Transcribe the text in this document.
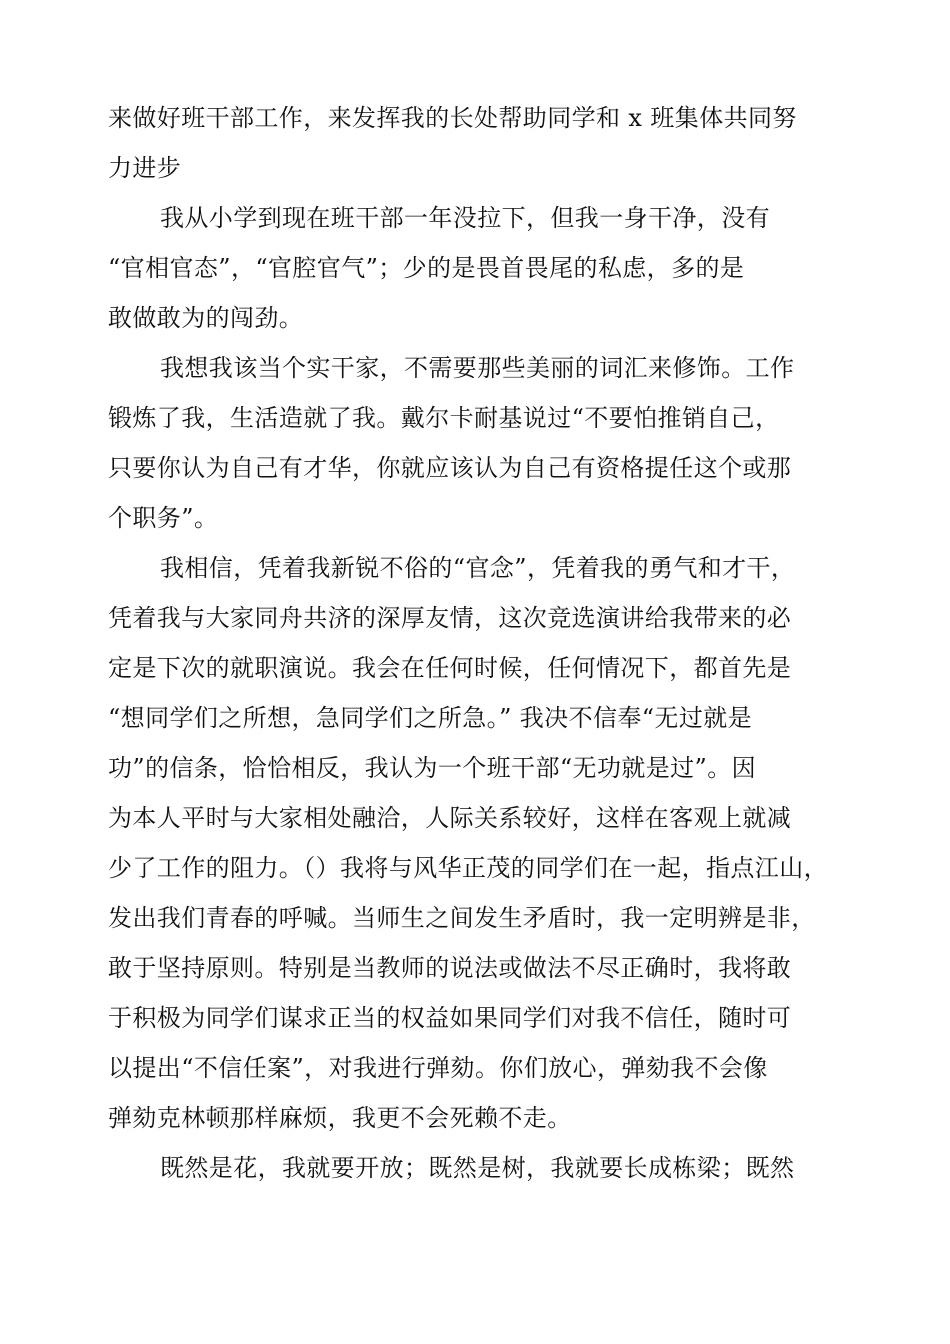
来做好班干部工作，来发挥我的长处帮助同学和 x 班集体共同努
力进步
我从小学到现在班干部一年没拉下，但我一身干净，没有
“官相官态”，“官腔官气”；少的是畏首畏尾的私虑，多的是
敢做敢为的闯劲。
我想我该当个实干家，不需要那些美丽的词汇来修饰。工作
锻炼了我，生活造就了我。戴尔卡耐基说过“不要怕推销自己，
只要你认为自己有才华，你就应该认为自己有资格提任这个或那
个职务”。
我相信，凭着我新锐不俗的“官念”，凭着我的勇气和才干，
凭着我与大家同舟共济的深厚友情，这次竞选演讲给我带来的必
定是下次的就职演说。我会在任何时候，任何情况下，都首先是
“想同学们之所想，急同学们之所急。” 我决不信奉“无过就是
功”的信条，恰恰相反，我认为一个班干部“无功就是过”。因
为本人平时与大家相处融洽，人际关系较好，这样在客观上就减
少了工作的阻力。（）我将与风华正茂的同学们在一起，指点江山，
发出我们青春的呼喊。当师生之间发生矛盾时，我一定明辨是非，
敢于坚持原则。特别是当教师的说法或做法不尽正确时，我将敢
于积极为同学们谋求正当的权益如果同学们对我不信任，随时可
以提出“不信任案”，对我进行弹劾。你们放心，弹劾我不会像
弹劾克林顿那样麻烦，我更不会死赖不走。
既然是花，我就要开放；既然是树，我就要长成栋梁；既然
